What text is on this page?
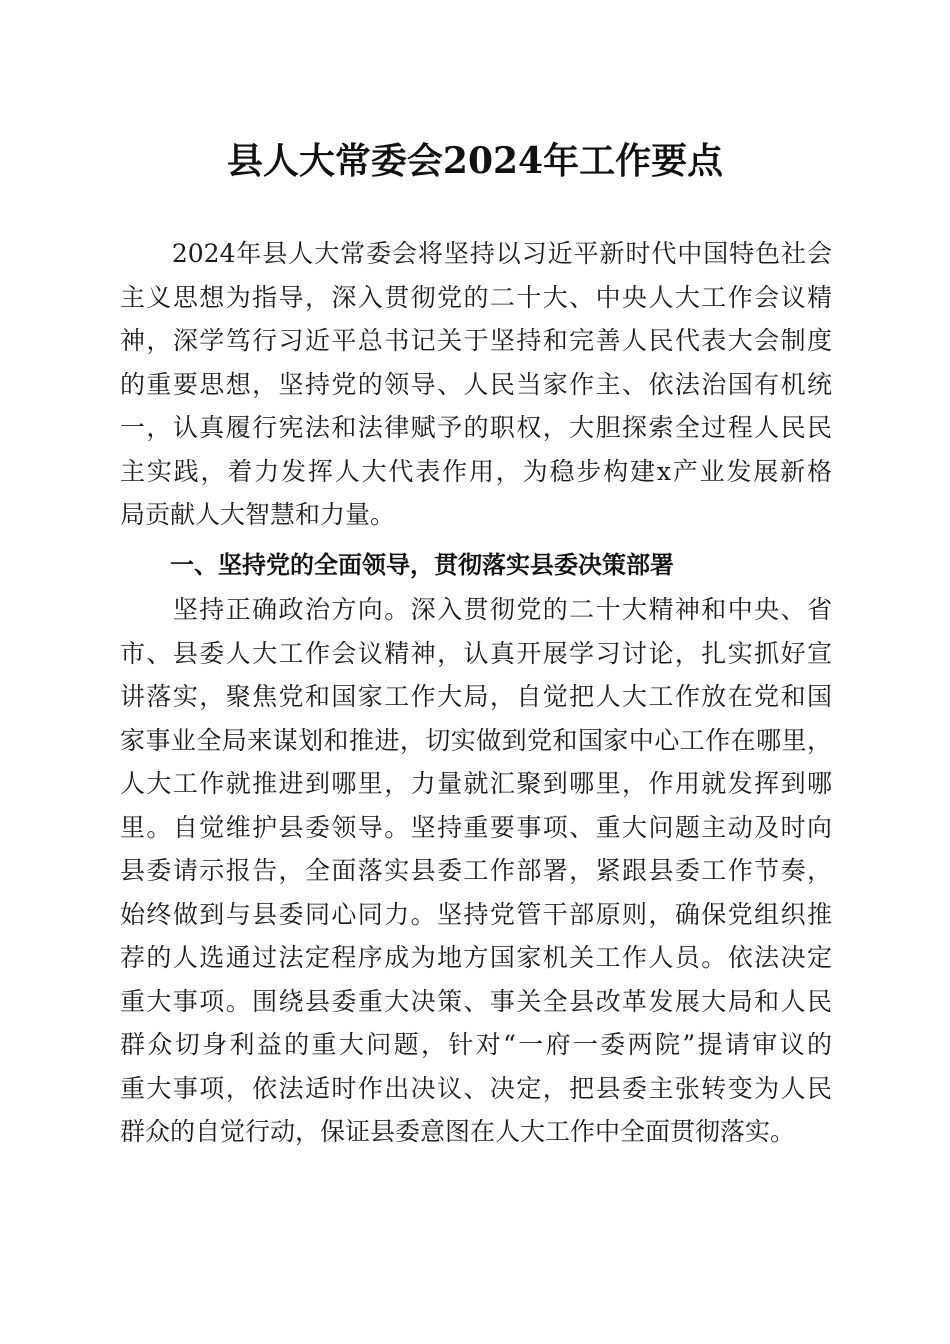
县人大常委会2024年工作要点
　　2024年县人大常委会将坚持以习近平新时代中国特色社会
主义思想为指导，深入贯彻党的二十大、中央人大工作会议精
神，深学笃行习近平总书记关于坚持和完善人民代表大会制度
的重要思想，坚持党的领导、人民当家作主、依法治国有机统
一，认真履行宪法和法律赋予的职权，大胆探索全过程人民民
主实践，着力发挥人大代表作用，为稳步构建x产业发展新格
局贡献人大智慧和力量。
一、坚持党的全面领导，贯彻落实县委决策部署
　　坚持正确政治方向。深入贯彻党的二十大精神和中央、省
市、县委人大工作会议精神，认真开展学习讨论，扎实抓好宣
讲落实，聚焦党和国家工作大局，自觉把人大工作放在党和国
家事业全局来谋划和推进，切实做到党和国家中心工作在哪里，
人大工作就推进到哪里，力量就汇聚到哪里，作用就发挥到哪
里。自觉维护县委领导。坚持重要事项、重大问题主动及时向
县委请示报告，全面落实县委工作部署，紧跟县委工作节奏，
始终做到与县委同心同力。坚持党管干部原则，确保党组织推
荐的人选通过法定程序成为地方国家机关工作人员。依法决定
重大事项。围绕县委重大决策、事关全县改革发展大局和人民
群众切身利益的重大问题，针对“一府一委两院”提请审议的
重大事项，依法适时作出决议、决定，把县委主张转变为人民
群众的自觉行动，保证县委意图在人大工作中全面贯彻落实。
